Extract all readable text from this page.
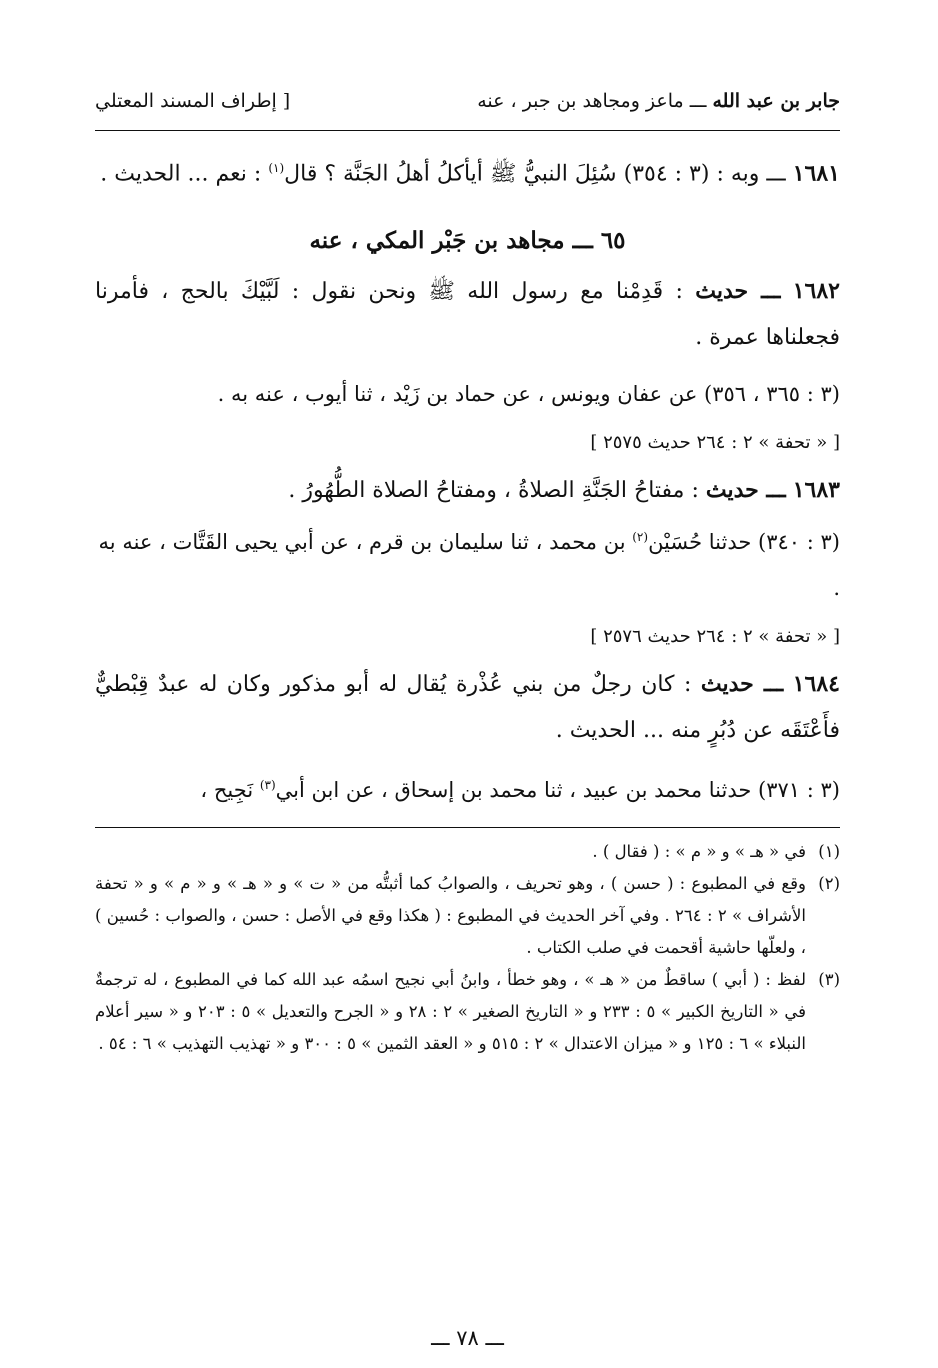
جابر بن عبد الله ـــ ماعز ومجاهد بن جبر ، عنه
[ إطراف المسند المعتلي

١٦٨١ ـــ وبه : (٣ : ٣٥٤) سُئِلَ النبيُّ ﷺ أيأكلُ أهلُ الجَنَّة ؟ قال$^{(١)}$ : نعم ... الحديث .

٦٥ ـــ مجاهد بن جَبْر المكي ، عنه

١٦٨٢ ـــ حديث : قَدِمْنا مع رسول الله ﷺ ونحن نقول : لَبَّيْكَ بالحج ، فأمرنا فجعلناها عمرة .

(٣ : ٣٦٥ ، ٣٥٦) عن عفان ويونس ، عن حماد بن زَيْد ، ثنا أيوب ، عنه به .

[ « تحفة » ٢ : ٢٦٤ حديث ٢٥٧٥ ]

١٦٨٣ ـــ حديث : مفتاحُ الجَنَّةِ الصلاةُ ، ومفتاحُ الصلاة الطُّهُورُ .

(٣ : ٣٤٠) حدثنا حُسَيْن$^{(٢)}$ بن محمد ، ثنا سليمان بن قرم ، عن أبي يحيى القَتَّات ، عنه به .

[ « تحفة » ٢ : ٢٦٤ حديث ٢٥٧٦ ]

١٦٨٤ ـــ حديث : كان رجلٌ من بني عُذْرة يُقال له أبو مذكور وكان له عبدٌ قِبْطيٌّ فأَعْتَقَه عن دُبُرٍ منه ... الحديث .

(٣ : ٣٧١) حدثنا محمد بن عبيد ، ثنا محمد بن إسحاق ، عن ابن أبي$^{(٣)}$ نَجِيح ،

(١)
في « هـ » و « م » : ( فقال ) .

(٢)
وقع في المطبوع : ( حسن ) ، وهو تحريف ، والصوابُ كما أثبتُّه من « ت » و « هـ » و « م » و « تحفة الأشراف » ٢ : ٢٦٤ . وفي آخر الحديث في المطبوع : ( هكذا وقع في الأصل : حسن ، والصواب : حُسين ) ، ولعلّها حاشية أقحمت في صلب الكتاب .

(٣)
لفظ : ( أبي ) ساقطٌ من « هـ » ، وهو خطأ ، وابنُ أبي نجيح اسمُه عبد الله كما في المطبوع ، له ترجمةٌ في « التاريخ الكبير » ٥ : ٢٣٣ و « التاريخ الصغير » ٢ : ٢٨ و « الجرح والتعديل » ٥ : ٢٠٣ و « سير أعلام النبلاء » ٦ : ١٢٥ و « ميزان الاعتدال » ٢ : ٥١٥ و « العقد الثمين » ٥ : ٣٠٠ و « تهذيب التهذيب » ٦ : ٥٤ .

ـــ ٧٨ ـــ
